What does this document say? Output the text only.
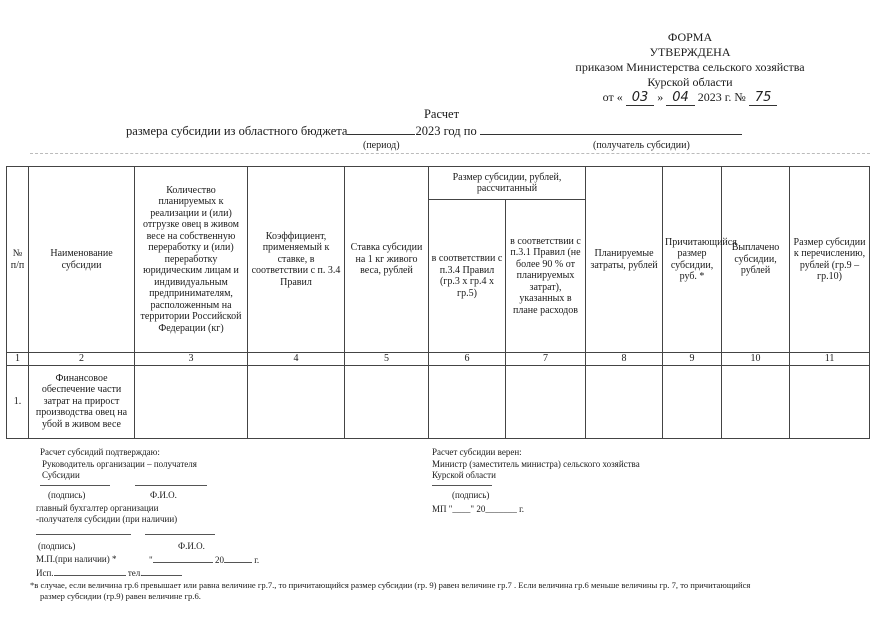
ФОРМА
УТВЕРЖДЕНА
приказом Министерства сельского хозяйства
Курской области
от « 03 » 04 2023 г. № 75
Расчет
размера субсидии из областного бюджета	2023 год по
(период)	(получатель субсидии)
№ п/п	Наименование субсидии	Количество планируемых к реализации и (или) отгрузке овец в живом весе на собственную переработку и (или) переработку юридическим лицам и индивидуальным предпринимателям, расположенным на территории Российской Федерации (кг)	Коэффициент, применяемый к ставке, в соответствии с п. 3.4 Правил	Ставка субсидии на 1 кг живого веса, рублей	Размер субсидии, рублей, рассчитанный		Планируемые затраты, рублей	Причитающийся размер субсидии, руб. *	Выплачено субсидии, рублей	Размер субсидии к перечислению, рублей (гр.9 – гр.10)
					в соответствии с п.3.4 Правил (гр.3 х гр.4 х гр.5)	в соответствии с п.3.1 Правил (не более 90 % от планируемых затрат), указанных в плане расходов				
1	2	3	4	5	6	7	8	9	10	11
1.	Финансовое обеспечение части затрат на прирост производства овец на убой в живом весе									
Расчет субсидий подтверждаю:
Руководитель организации – получателя
Субсидии
(подпись)	Ф.И.О.
главный бухгалтер организации
-получателя субсидии (при наличии)
(подпись)	Ф.И.О.
М.П.(при наличии) *	"	20	г.
Исп.	тел.
Расчет субсидии верен:
Министр (заместитель министра) сельского хозяйства
Курской области
(подпись)
МП "____" 20_______ г.
*в случае, если величина гр.6 превышает или равна величине гр.7., то причитающийся размер субсидии (гр. 9) равен величине гр.7 . Если величина гр.6 меньше величины гр. 7, то причитающийся
размер субсидии (гр.9) равен величине гр.6.
